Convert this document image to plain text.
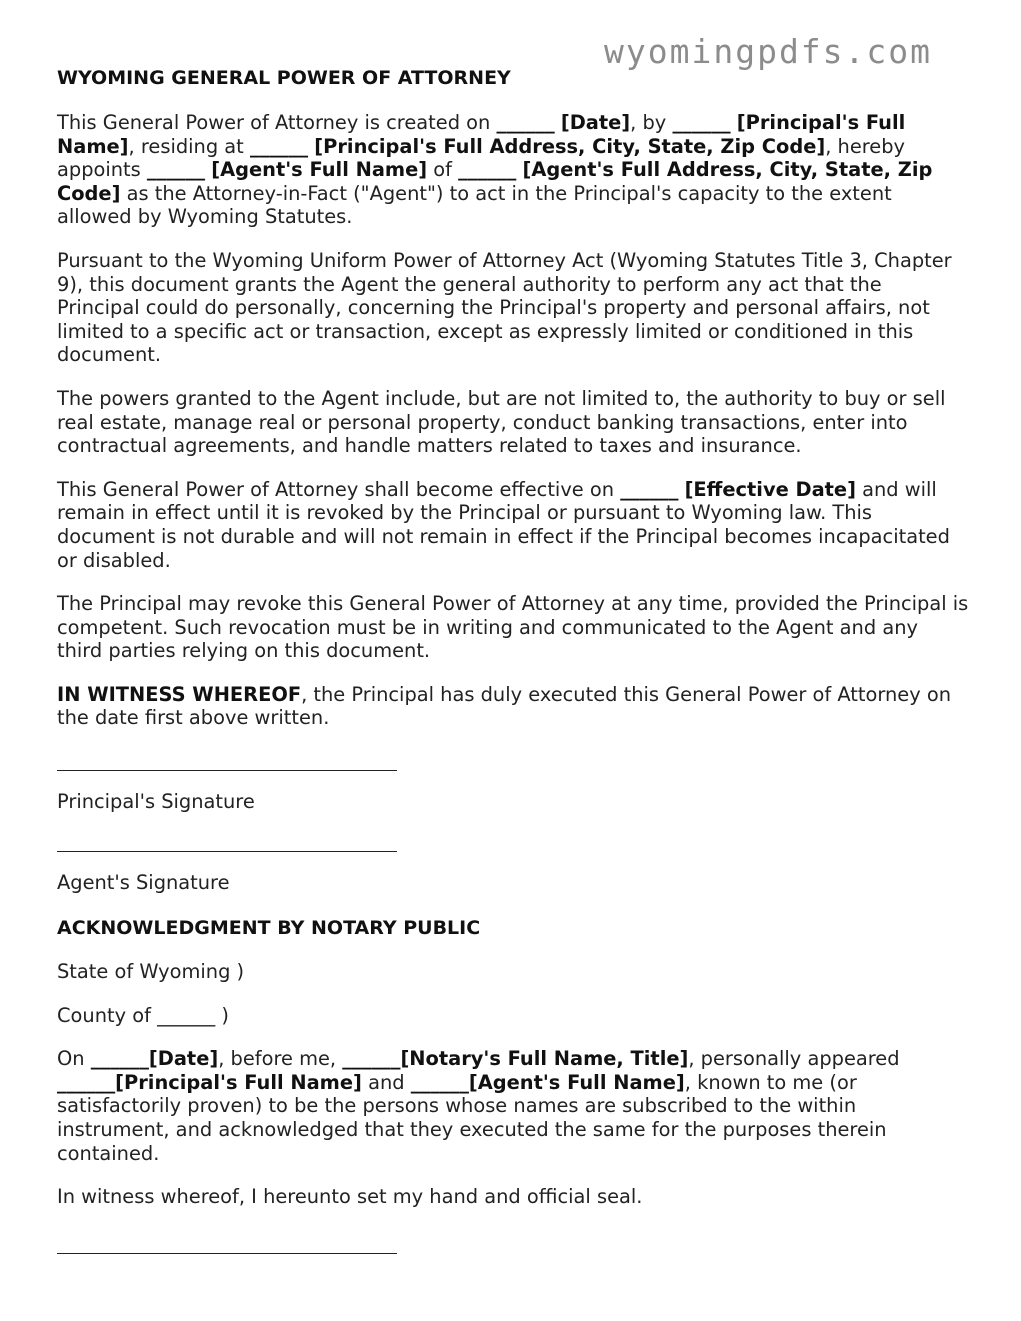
wyomingpdfs.com
WYOMING GENERAL POWER OF ATTORNEY

This General Power of Attorney is created on ______ [Date], by ______ [Principal's Full Name], residing at ______ [Principal's Full Address, City, State, Zip Code], hereby appoints ______ [Agent's Full Name] of ______ [Agent's Full Address, City, State, Zip Code] as the Attorney-in-Fact ("Agent") to act in the Principal's capacity to the extent allowed by Wyoming Statutes.

Pursuant to the Wyoming Uniform Power of Attorney Act (Wyoming Statutes Title 3, Chapter 9), this document grants the Agent the general authority to perform any act that the Principal could do personally, concerning the Principal's property and personal affairs, not limited to a specific act or transaction, except as expressly limited or conditioned in this document.

The powers granted to the Agent include, but are not limited to, the authority to buy or sell real estate, manage real or personal property, conduct banking transactions, enter into contractual agreements, and handle matters related to taxes and insurance.

This General Power of Attorney shall become effective on ______ [Effective Date] and will remain in effect until it is revoked by the Principal or pursuant to Wyoming law. This document is not durable and will not remain in effect if the Principal becomes incapacitated or disabled.

The Principal may revoke this General Power of Attorney at any time, provided the Principal is competent. Such revocation must be in writing and communicated to the Agent and any third parties relying on this document.

IN WITNESS WHEREOF, the Principal has duly executed this General Power of Attorney on the date first above written.

Principal's Signature
Agent's Signature
ACKNOWLEDGMENT BY NOTARY PUBLIC

State of Wyoming )

County of ______ )

On ______[Date], before me, ______[Notary's Full Name, Title], personally appeared ______[Principal's Full Name] and ______[Agent's Full Name], known to me (or satisfactorily proven) to be the persons whose names are subscribed to the within instrument, and acknowledged that they executed the same for the purposes therein contained.

In witness whereof, I hereunto set my hand and official seal.
